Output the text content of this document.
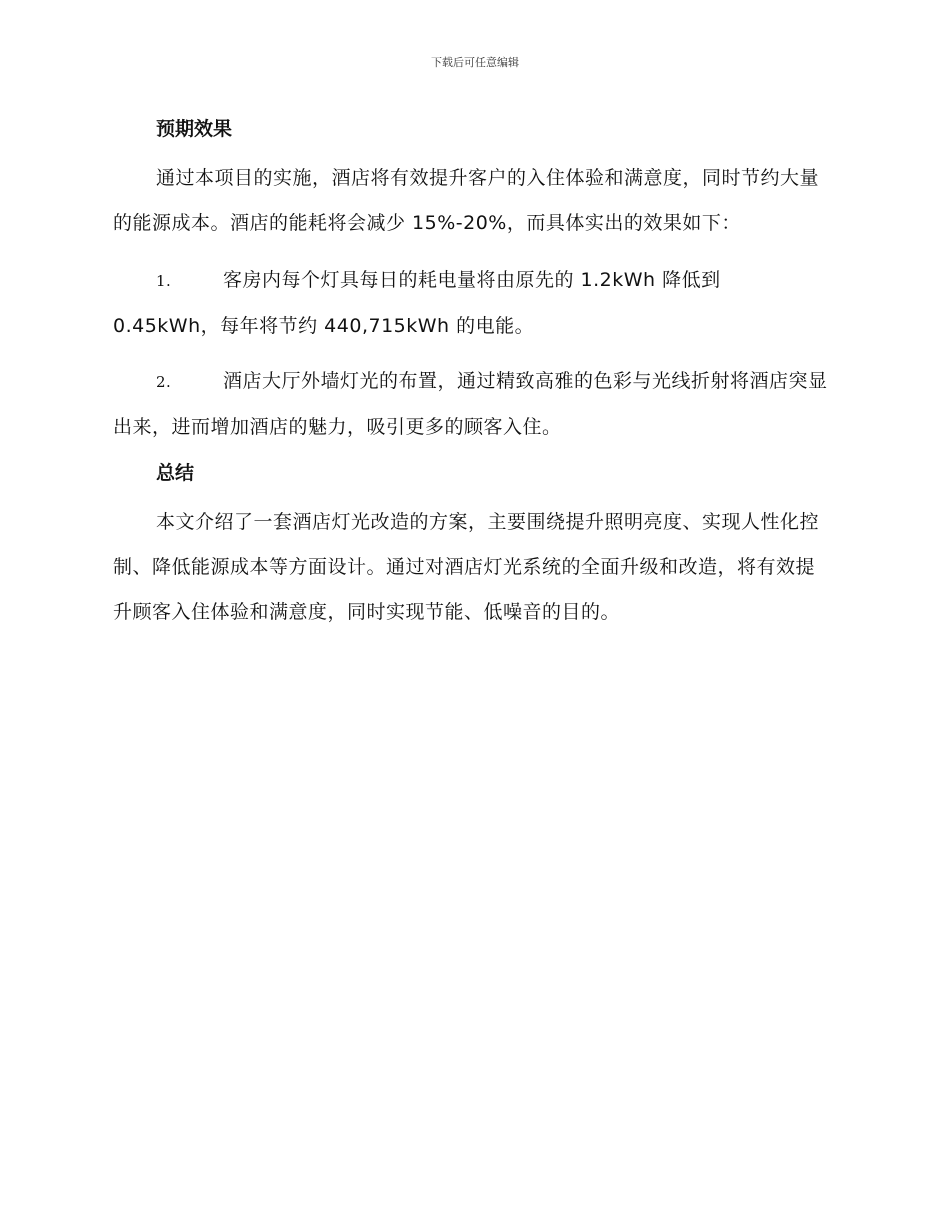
下载后可任意编辑
预期效果

通过本项目的实施，酒店将有效提升客户的入住体验和满意度，同时节约大量的能源成本。酒店的能耗将会减少 15%-20%，而具体实出的效果如下：

1.	客房内每个灯具每日的耗电量将由原先的 1.2kWh 降低到 0.45kWh，每年将节约 440,715kWh 的电能。
2.	酒店大厅外墙灯光的布置，通过精致高雅的色彩与光线折射将酒店突显出来，进而增加酒店的魅力，吸引更多的顾客入住。
总结

本文介绍了一套酒店灯光改造的方案，主要围绕提升照明亮度、实现人性化控制、降低能源成本等方面设计。通过对酒店灯光系统的全面升级和改造，将有效提升顾客入住体验和满意度，同时实现节能、低噪音的目的。
